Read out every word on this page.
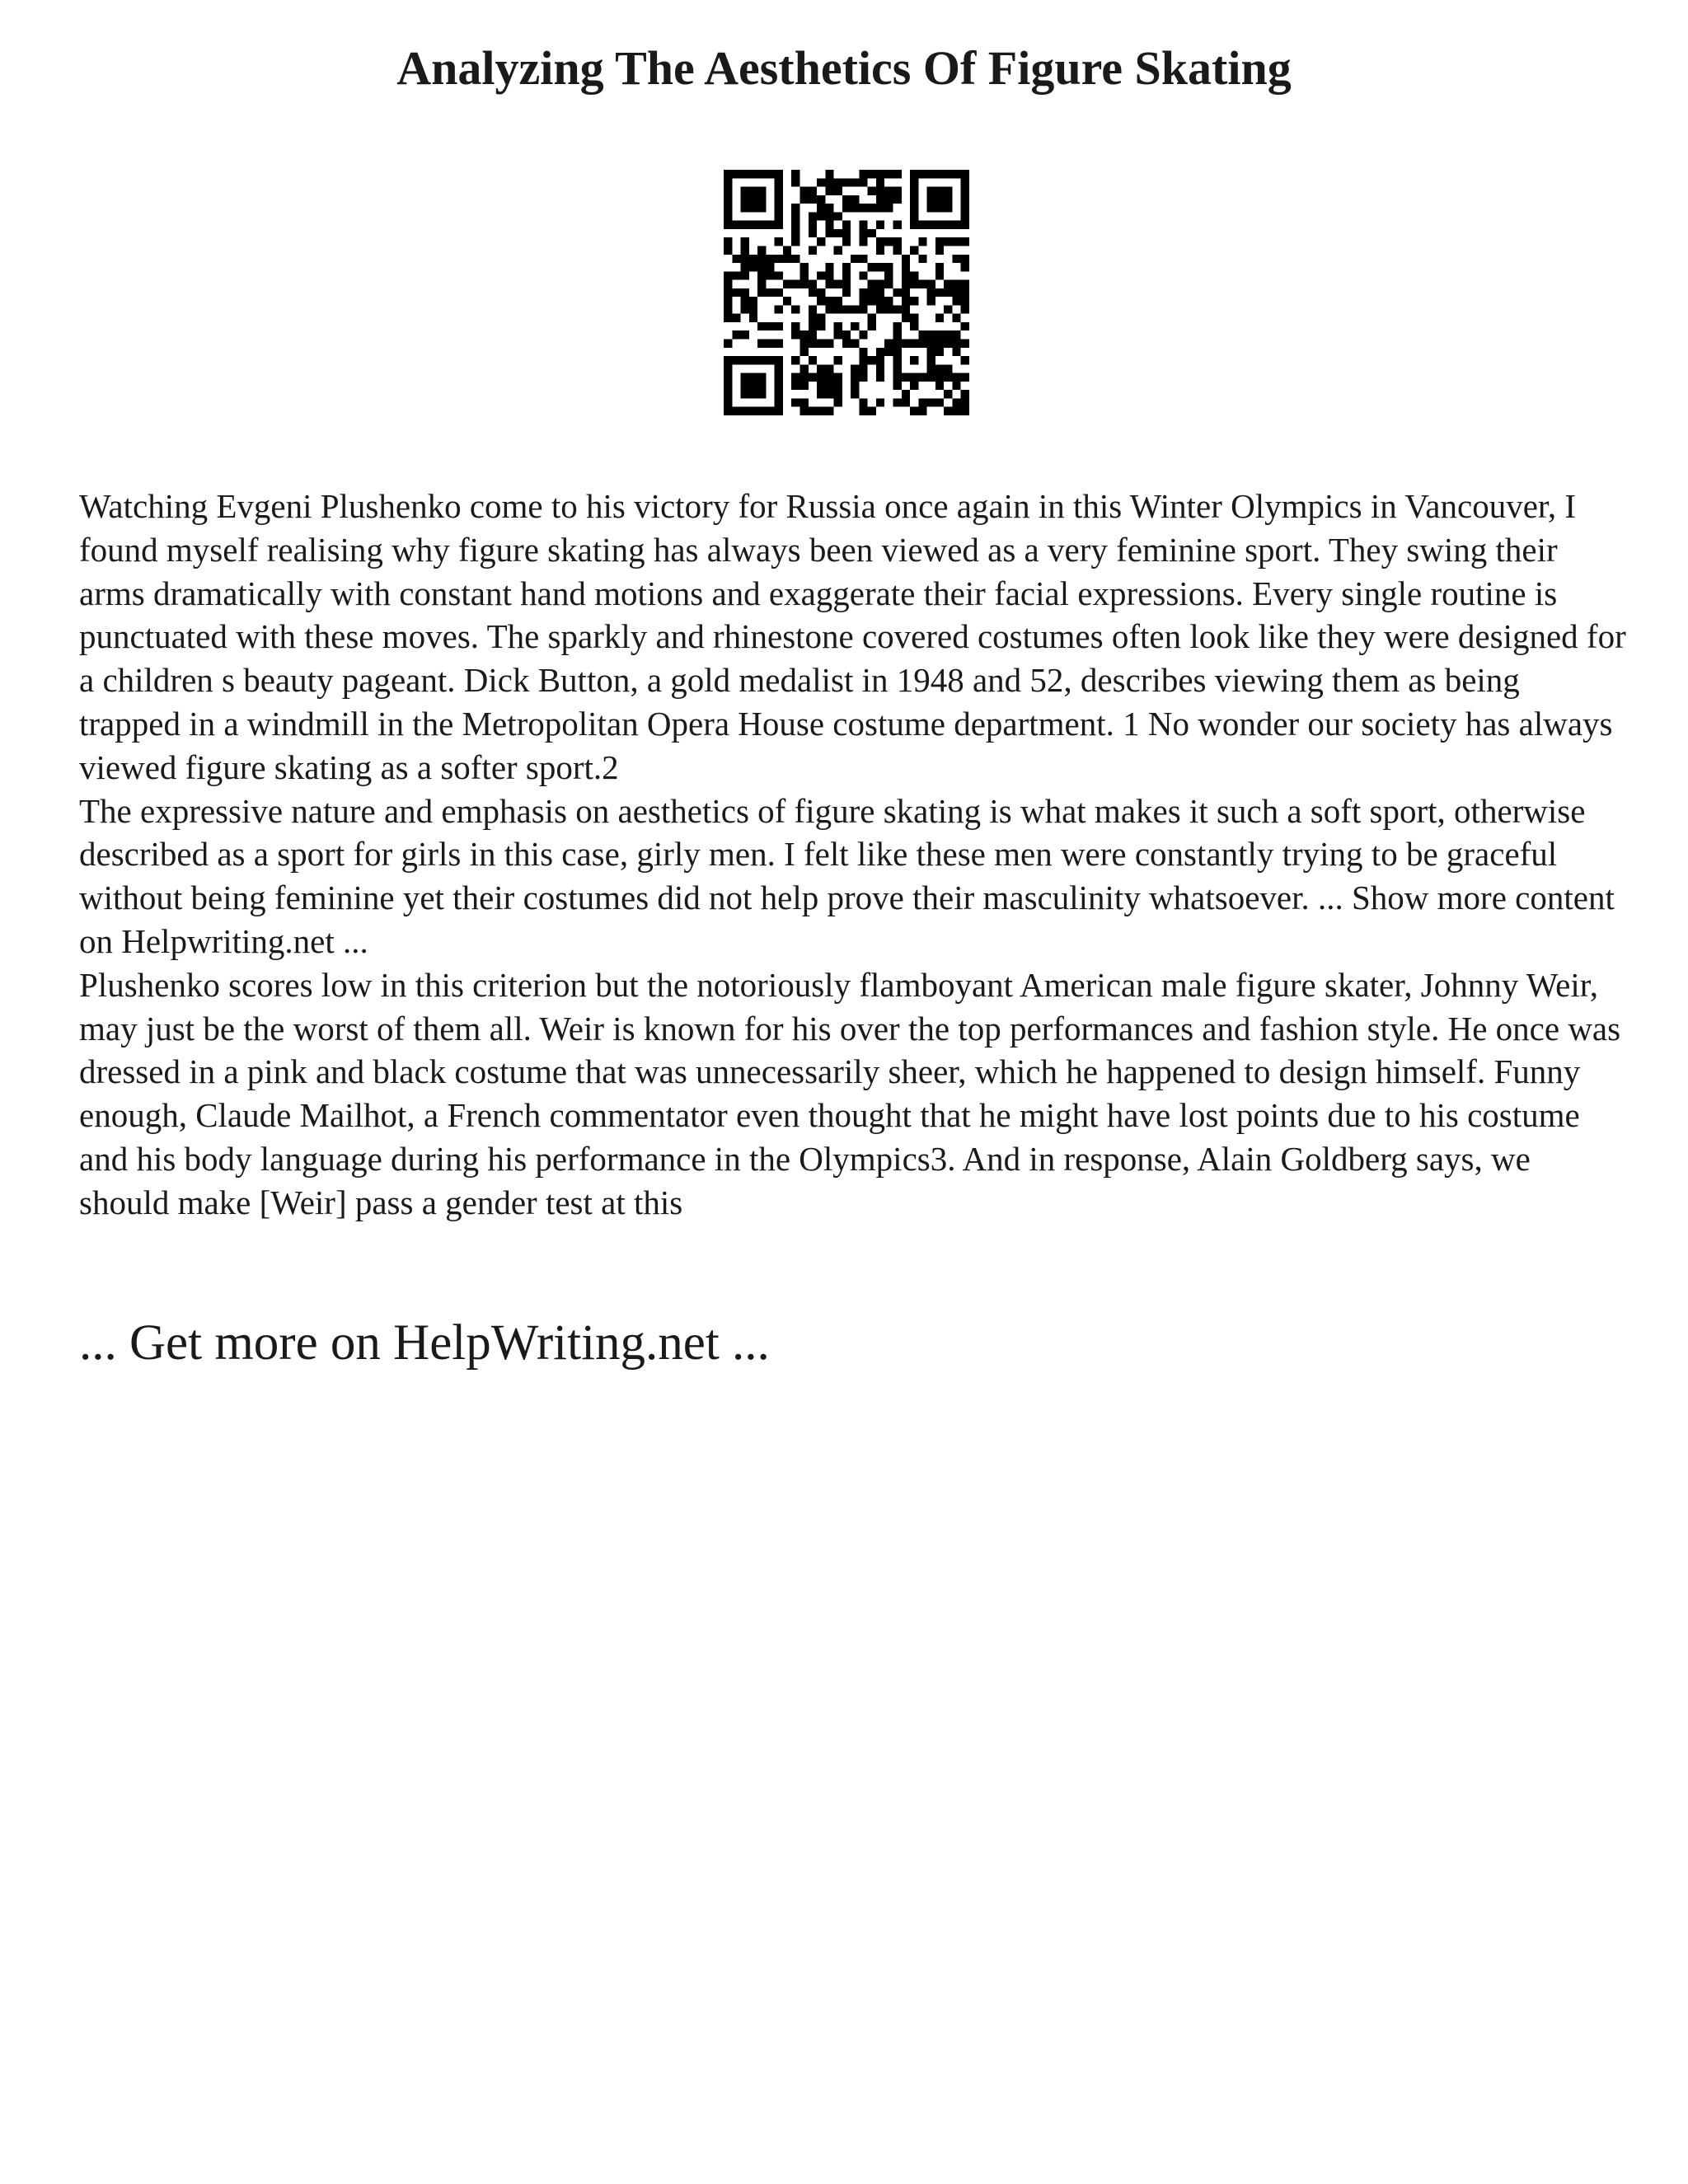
Analyzing The Aesthetics Of Figure Skating

Watching Evgeni Plushenko come to his victory for Russia once again in this Winter Olympics in Vancouver, I found myself realising why figure skating has always been viewed as a very feminine sport. They swing their arms dramatically with constant hand motions and exaggerate their facial expressions. Every single routine is punctuated with these moves. The sparkly and rhinestone covered costumes often look like they were designed for a children s beauty pageant. Dick Button, a gold medalist in 1948 and 52, describes viewing them as being trapped in a windmill in the Metropolitan Opera House costume department. 1 No wonder our society has always viewed figure skating as a softer sport.2

The expressive nature and emphasis on aesthetics of figure skating is what makes it such a soft sport, otherwise described as a sport for girls in this case, girly men. I felt like these men were constantly trying to be graceful without being feminine yet their costumes did not help prove their masculinity whatsoever. ... Show more content on Helpwriting.net ...

Plushenko scores low in this criterion but the notoriously flamboyant American male figure skater, Johnny Weir, may just be the worst of them all. Weir is known for his over the top performances and fashion style. He once was dressed in a pink and black costume that was unnecessarily sheer, which he happened to design himself. Funny enough, Claude Mailhot, a French commentator even thought that he might have lost points due to his costume and his body language during his performance in the Olympics3. And in response, Alain Goldberg says, we should make [Weir] pass a gender test at this

... Get more on HelpWriting.net ...
